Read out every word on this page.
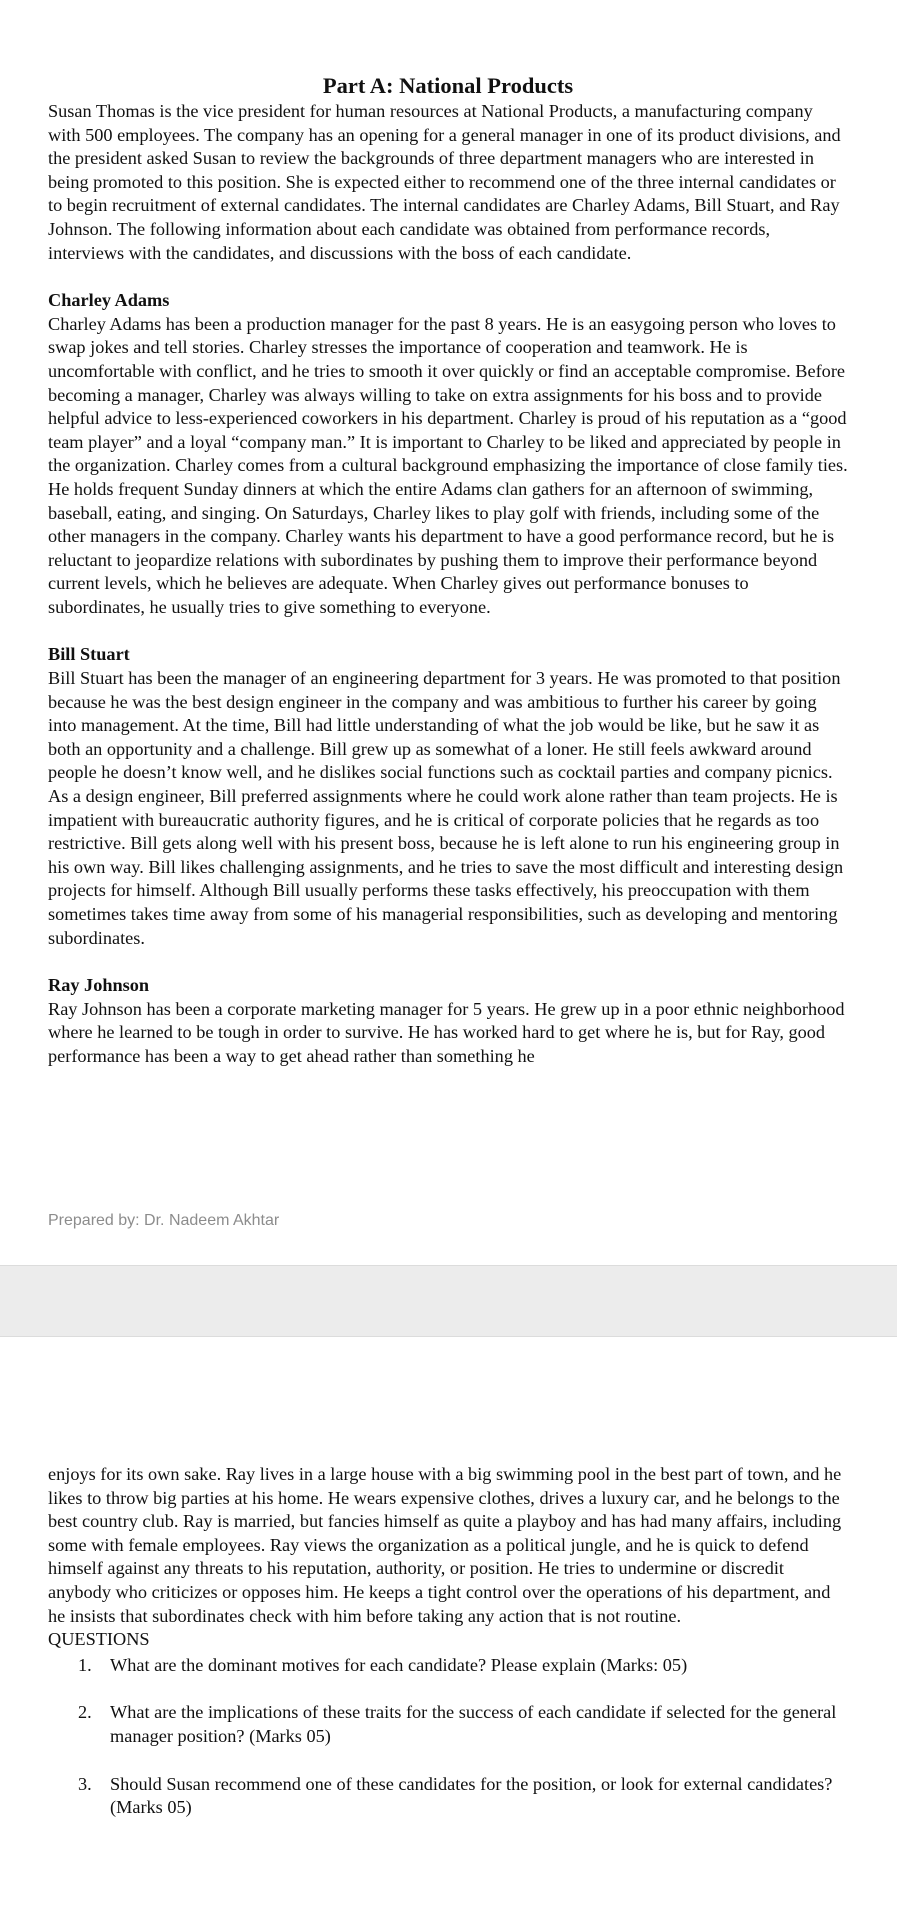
Part A: National Products

Susan Thomas is the vice president for human resources at National Products, a manufacturing company with 500 employees. The company has an opening for a general manager in one of its product divisions, and the president asked Susan to review the backgrounds of three department managers who are interested in being promoted to this position. She is expected either to recommend one of the three internal candidates or to begin recruitment of external candidates. The internal candidates are Charley Adams, Bill Stuart, and Ray Johnson. The following information about each candidate was obtained from performance records, interviews with the candidates, and discussions with the boss of each candidate.

Charley Adams

Charley Adams has been a production manager for the past 8 years. He is an easygoing person who loves to swap jokes and tell stories. Charley stresses the importance of cooperation and teamwork. He is uncomfortable with conflict, and he tries to smooth it over quickly or find an acceptable compromise. Before becoming a manager, Charley was always willing to take on extra assignments for his boss and to provide helpful advice to less-experienced coworkers in his department. Charley is proud of his reputation as a “good team player” and a loyal “company man.” It is important to Charley to be liked and appreciated by people in the organization. Charley comes from a cultural background emphasizing the importance of close family ties. He holds frequent Sunday dinners at which the entire Adams clan gathers for an afternoon of swimming, baseball, eating, and singing. On Saturdays, Charley likes to play golf with friends, including some of the other managers in the company. Charley wants his department to have a good performance record, but he is reluctant to jeopardize relations with subordinates by pushing them to improve their performance beyond current levels, which he believes are adequate. When Charley gives out performance bonuses to subordinates, he usually tries to give something to everyone.

Bill Stuart

Bill Stuart has been the manager of an engineering department for 3 years. He was promoted to that position because he was the best design engineer in the company and was ambitious to further his career by going into management. At the time, Bill had little understanding of what the job would be like, but he saw it as both an opportunity and a challenge. Bill grew up as somewhat of a loner. He still feels awkward around people he doesn’t know well, and he dislikes social functions such as cocktail parties and company picnics. As a design engineer, Bill preferred assignments where he could work alone rather than team projects. He is impatient with bureaucratic authority figures, and he is critical of corporate policies that he regards as too restrictive. Bill gets along well with his present boss, because he is left alone to run his engineering group in his own way. Bill likes challenging assignments, and he tries to save the most difficult and interesting design projects for himself. Although Bill usually performs these tasks effectively, his preoccupation with them sometimes takes time away from some of his managerial responsibilities, such as developing and mentoring subordinates.

Ray Johnson

Ray Johnson has been a corporate marketing manager for 5 years. He grew up in a poor ethnic neighborhood where he learned to be tough in order to survive. He has worked hard to get where he is, but for Ray, good performance has been a way to get ahead rather than something he

Prepared by: Dr. Nadeem Akhtar

enjoys for its own sake. Ray lives in a large house with a big swimming pool in the best part of town, and he likes to throw big parties at his home. He wears expensive clothes, drives a luxury car, and he belongs to the best country club. Ray is married, but fancies himself as quite a playboy and has had many affairs, including some with female employees. Ray views the organization as a political jungle, and he is quick to defend himself against any threats to his reputation, authority, or position. He tries to undermine or discredit anybody who criticizes or opposes him. He keeps a tight control over the operations of his department, and he insists that subordinates check with him before taking any action that is not routine.

QUESTIONS

1. What are the dominant motives for each candidate? Please explain (Marks: 05)
2. What are the implications of these traits for the success of each candidate if selected for the general manager position? (Marks 05)
3. Should Susan recommend one of these candidates for the position, or look for external candidates? (Marks 05)
